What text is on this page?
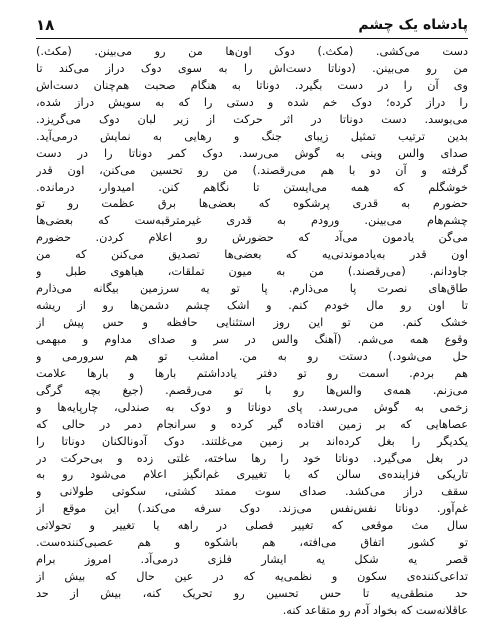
۱۸	پادشاه یک چشم
دست می‌کشی. (مکث.) دوک اون‌ها من رو می‌بینن. (مکث.)
من رو می‌بینن. (دوناتا دست‌اش را به سوی دوک دراز می‌کند تا
وی آن را در دست بگیرد. دوناتا به هنگام صحبت هم‌چنان دست‌اش
را دراز کرده؛ دوک خم شده و دستی را که به سویش دراز شده،
می‌بوسد. دست دوناتا در اثر حرکت از زیر لبان دوک می‌گریزد.
بدین ترتیب تمثیل زیبای جنگ و رهایی به نمایش درمی‌آید.
صدای والس وینی به گوش می‌رسد. دوک کمر دوناتا را در دست
گرفته و آن دو با هم می‌رقصند.) من رو تحسین می‌کنن، اون قدر
خوشگلم که همه می‌ایستن تا نگاهم کنن. امیدوار، درمانده.
حضورم به قدری پرشکوه که بعضی‌ها برق عظمت رو تو
چشم‌هام می‌بینن. ورودم به قدری غیرمترقبه‌ست که بعضی‌ها
می‌گن یادمون می‌آد که حضورش رو اعلام کردن. حضورم
اون قدر به‌یادموندنی‌یه که بعضی‌ها تصدیق می‌کنن که من
جاودانم. (می‌رقصند.) من به میون تملقات، هیاهوی طبل و
طاق‌های نصرت پا می‌ذارم. پا تو یه سرزمین بیگانه می‌ذارم
تا اون رو مال خودم کنم. و اشک چشم دشمن‌ها رو از ریشه
خشک کنم. من تو این روز استثنایی حافظه و حس پیش از
وقوع همه می‌شم. (آهنگ والس در سر و صدای مداوم و مبهمی
حل می‌شود.) دستت رو به من. امشب تو هم سرورمی و
هم بردم. اسمت رو تو دفتر یادداشتم بارها و بارها علامت
می‌زنم. همه‌ی والس‌ها رو با تو می‌رقصم. (جیغ بچه گرگی
زخمی به گوش می‌رسد. پای دوناتا و دوک به صندلی، چارپایه‌ها و
عصاهایی که بر زمین افتاده گیر کرده و سرانجام دمر در حالی که
یکدیگر را بغل کرده‌اند بر زمین می‌غلتند. دوک آدونالکنان دوناتا را
در بغل می‌گیرد. دوناتا خود را رها ساخته، غلتی زده و بی‌حرکت در
تاریکی فزاینده‌ی سالن که با تغییری غم‌انگیز اعلام می‌شود رو به
سقف دراز می‌کشد. صدای سوت ممتد کشتی، سکوتی طولانی و
غم‌آور. دوناتا نفس‌نفس می‌زند. دوک سرفه می‌کند.) این موقع از
سال مث موقعی که تغییر فصلی در راهه یا تغییر و تحولاتی
تو کشور اتفاق می‌افته، هم باشکوه و هم عصبی‌کننده‌ست.
قصر یه شکل یه ایشار فلزی درمی‌آد. امروز برام
تداعی‌کننده‌ی سکون و نظمی‌یه که در عین حال که بیش از
حد منطقی‌یه تا حس تحسین رو تحریک کنه، بیش از حد
عاقلانه‌ست که بخواد آدم رو متقاعد کنه.
